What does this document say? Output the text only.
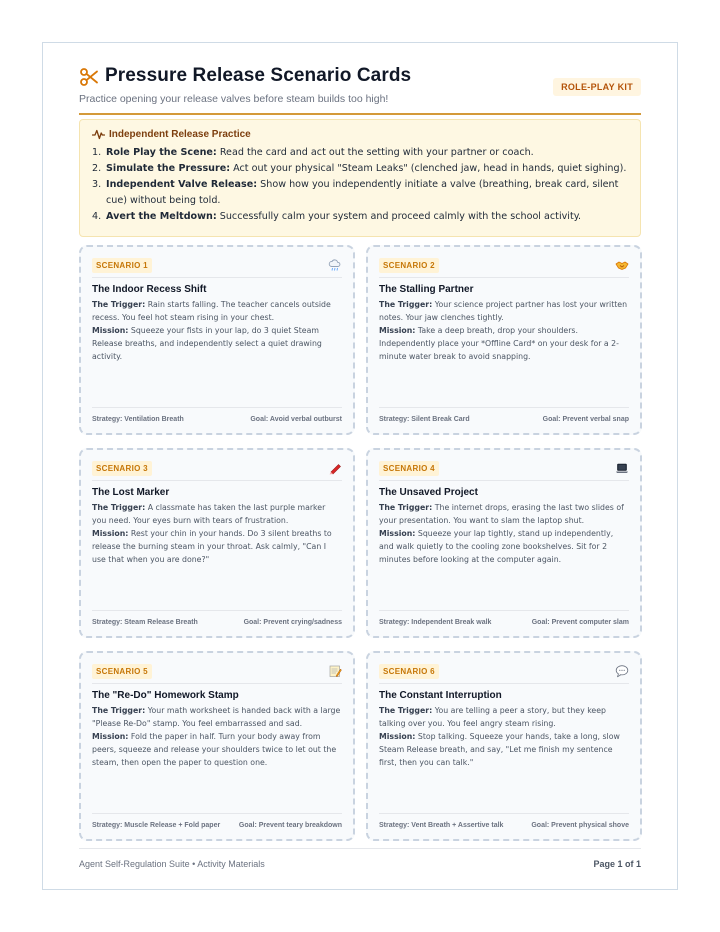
Pressure Release Scenario Cards
Practice opening your release valves before steam builds too high!
ROLE-PLAY KIT
Independent Release Practice
1. Role Play the Scene: Read the card and act out the setting with your partner or coach.
2. Simulate the Pressure: Act out your physical "Steam Leaks" (clenched jaw, head in hands, quiet sighing).
3. Independent Valve Release: Show how you independently initiate a valve (breathing, break card, silent cue) without being told.
4. Avert the Meltdown: Successfully calm your system and proceed calmly with the school activity.
SCENARIO 1
The Indoor Recess Shift
The Trigger: Rain starts falling. The teacher cancels outside recess. You feel hot steam rising in your chest.
Mission: Squeeze your fists in your lap, do 3 quiet Steam Release breaths, and independently select a quiet drawing activity.
Strategy: Ventilation Breath	Goal: Avoid verbal outburst
SCENARIO 2
The Stalling Partner
The Trigger: Your science project partner has lost your written notes. Your jaw clenches tightly.
Mission: Take a deep breath, drop your shoulders. Independently place your *Offline Card* on your desk for a 2-minute water break to avoid snapping.
Strategy: Silent Break Card	Goal: Prevent verbal snap
SCENARIO 3
The Lost Marker
The Trigger: A classmate has taken the last purple marker you need. Your eyes burn with tears of frustration.
Mission: Rest your chin in your hands. Do 3 silent breaths to release the burning steam in your throat. Ask calmly, "Can I use that when you are done?"
Strategy: Steam Release Breath	Goal: Prevent crying/sadness
SCENARIO 4
The Unsaved Project
The Trigger: The internet drops, erasing the last two slides of your presentation. You want to slam the laptop shut.
Mission: Squeeze your lap tightly, stand up independently, and walk quietly to the cooling zone bookshelves. Sit for 2 minutes before looking at the computer again.
Strategy: Independent Break walk	Goal: Prevent computer slam
SCENARIO 5
The "Re-Do" Homework Stamp
The Trigger: Your math worksheet is handed back with a large "Please Re-Do" stamp. You feel embarrassed and sad.
Mission: Fold the paper in half. Turn your body away from peers, squeeze and release your shoulders twice to let out the steam, then open the paper to question one.
Strategy: Muscle Release + Fold paper	Goal: Prevent teary breakdown
SCENARIO 6
The Constant Interruption
The Trigger: You are telling a peer a story, but they keep talking over you. You feel angry steam rising.
Mission: Stop talking. Squeeze your hands, take a long, slow Steam Release breath, and say, "Let me finish my sentence first, then you can talk."
Strategy: Vent Breath + Assertive talk	Goal: Prevent physical shove
Agent Self-Regulation Suite • Activity Materials	Page 1 of 1
